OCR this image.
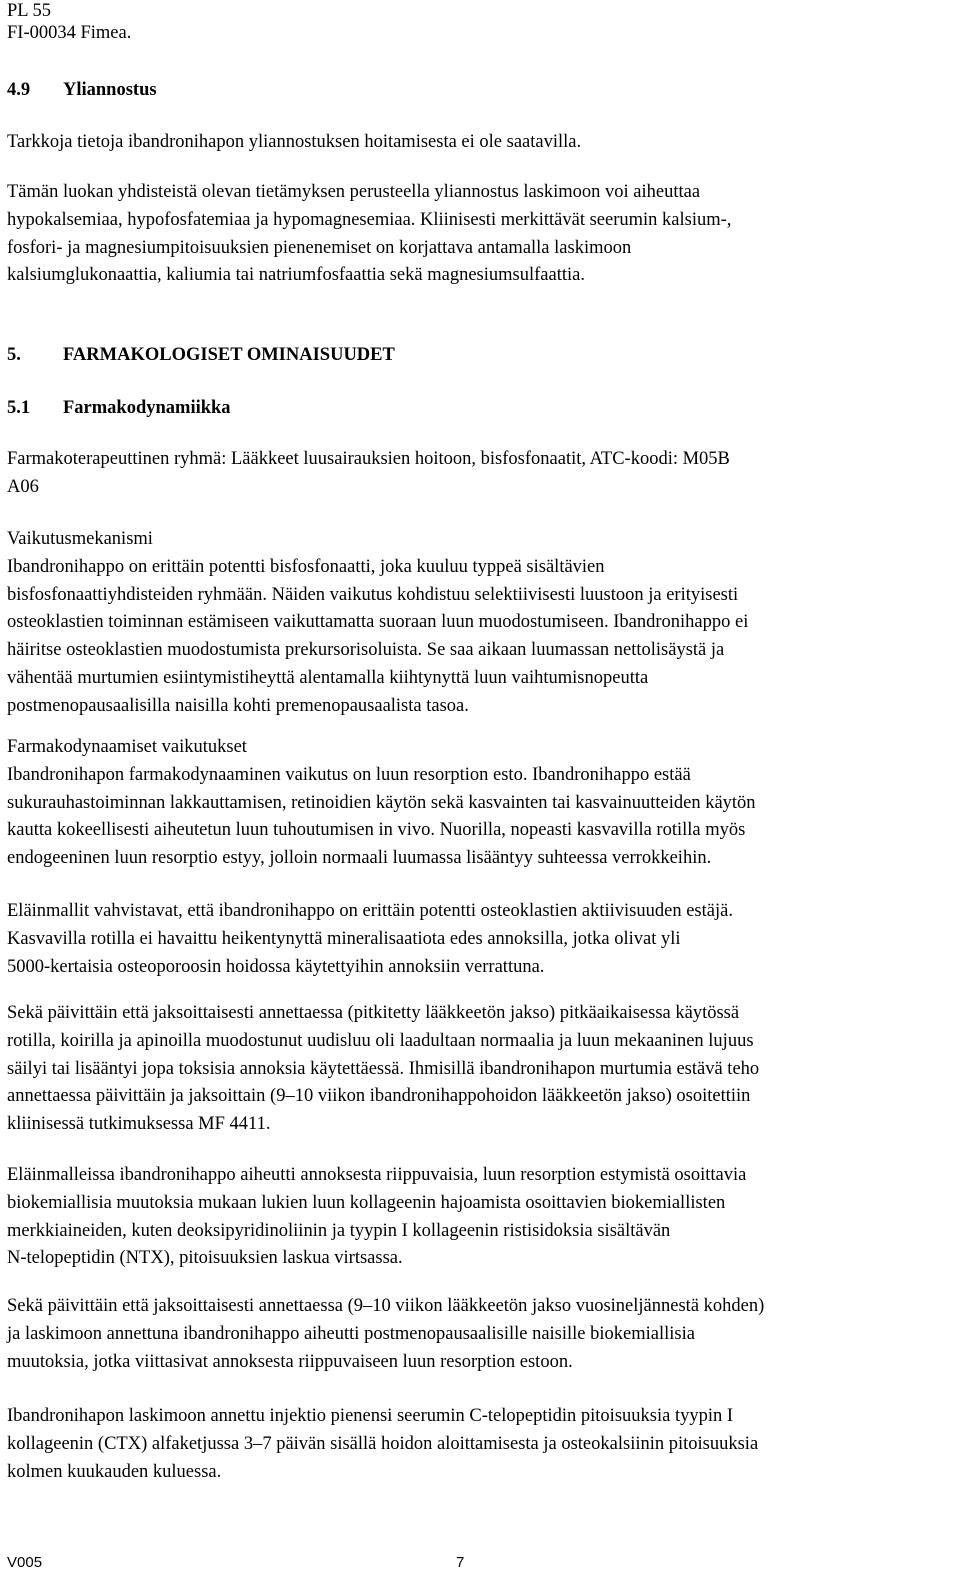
PL 55
FI-00034 Fimea.
4.9 Yliannostus
Tarkkoja tietoja ibandronihapon yliannostuksen hoitamisesta ei ole saatavilla.
Tämän luokan yhdisteistä olevan tietämyksen perusteella yliannostus laskimoon voi aiheuttaa
hypokalsemiaa, hypofosfatemiaa ja hypomagnesemiaa. Kliinisesti merkittävät seerumin kalsium-,
fosfori- ja magnesiumpitoisuuksien pienenemiset on korjattava antamalla laskimoon
kalsiumglukonaattia, kaliumia tai natriumfosfaattia sekä magnesiumsulfaattia.
5. FARMAKOLOGISET OMINAISUUDET
5.1 Farmakodynamiikka
Farmakoterapeuttinen ryhmä: Lääkkeet luusairauksien hoitoon, bisfosfonaatit, ATC-koodi: M05B
A06
Vaikutusmekanismi
Ibandronihappo on erittäin potentti bisfosfonaatti, joka kuuluu typpeä sisältävien
bisfosfonaattiyhdisteiden ryhmään. Näiden vaikutus kohdistuu selektiivisesti luustoon ja erityisesti
osteoklastien toiminnan estämiseen vaikuttamatta suoraan luun muodostumiseen. Ibandronihappo ei
häiritse osteoklastien muodostumista prekursorisoluista. Se saa aikaan luumassan nettolisäystä ja
vähentää murtumien esiintymistiheyttä alentamalla kiihtynyttä luun vaihtumisnopeutta
postmenopausaalisilla naisilla kohti premenopausaalista tasoa.
Farmakodynaamiset vaikutukset
Ibandronihapon farmakodynaaminen vaikutus on luun resorption esto. Ibandronihappo estää
sukurauhastoiminnan lakkauttamisen, retinoidien käytön sekä kasvainten tai kasvainuutteiden käytön
kautta kokeellisesti aiheutetun luun tuhoutumisen in vivo. Nuorilla, nopeasti kasvavilla rotilla myös
endogeeninen luun resorptio estyy, jolloin normaali luumassa lisääntyy suhteessa verrokkeihin.
Eläinmallit vahvistavat, että ibandronihappo on erittäin potentti osteoklastien aktiivisuuden estäjä.
Kasvavilla rotilla ei havaittu heikentynyttä mineralisaatiota edes annoksilla, jotka olivat yli
5000-kertaisia osteoporoosin hoidossa käytettyihin annoksiin verrattuna.
Sekä päivittäin että jaksoittaisesti annettaessa (pitkitetty lääkkeetön jakso) pitkäaikaisessa käytössä
rotilla, koirilla ja apinoilla muodostunut uudisluu oli laadultaan normaalia ja luun mekaaninen lujuus
säilyi tai lisääntyi jopa toksisia annoksia käytettäessä. Ihmisillä ibandronihapon murtumia estävä teho
annettaessa päivittäin ja jaksoittain (9–10 viikon ibandronihappohoidon lääkkeetön jakso) osoitettiin
kliinisessä tutkimuksessa MF 4411.
Eläinmalleissa ibandronihappo aiheutti annoksesta riippuvaisia, luun resorption estymistä osoittavia
biokemiallisia muutoksia mukaan lukien luun kollageenin hajoamista osoittavien biokemiallisten
merkkiaineiden, kuten deoksipyridinoliinin ja tyypin I kollageenin ristisidoksia sisältävän
N-telopeptidin (NTX), pitoisuuksien laskua virtsassa.
Sekä päivittäin että jaksoittaisesti annettaessa (9–10 viikon lääkkeetön jakso vuosineljännestä kohden)
ja laskimoon annettuna ibandronihappo aiheutti postmenopausaalisille naisille biokemiallisia
muutoksia, jotka viittasivat annoksesta riippuvaiseen luun resorption estoon.
Ibandronihapon laskimoon annettu injektio pienensi seerumin C-telopeptidin pitoisuuksia tyypin I
kollageenin (CTX) alfaketjussa 3–7 päivän sisällä hoidon aloittamisesta ja osteokalsiinin pitoisuuksia
kolmen kuukauden kuluessa.
V005	7
